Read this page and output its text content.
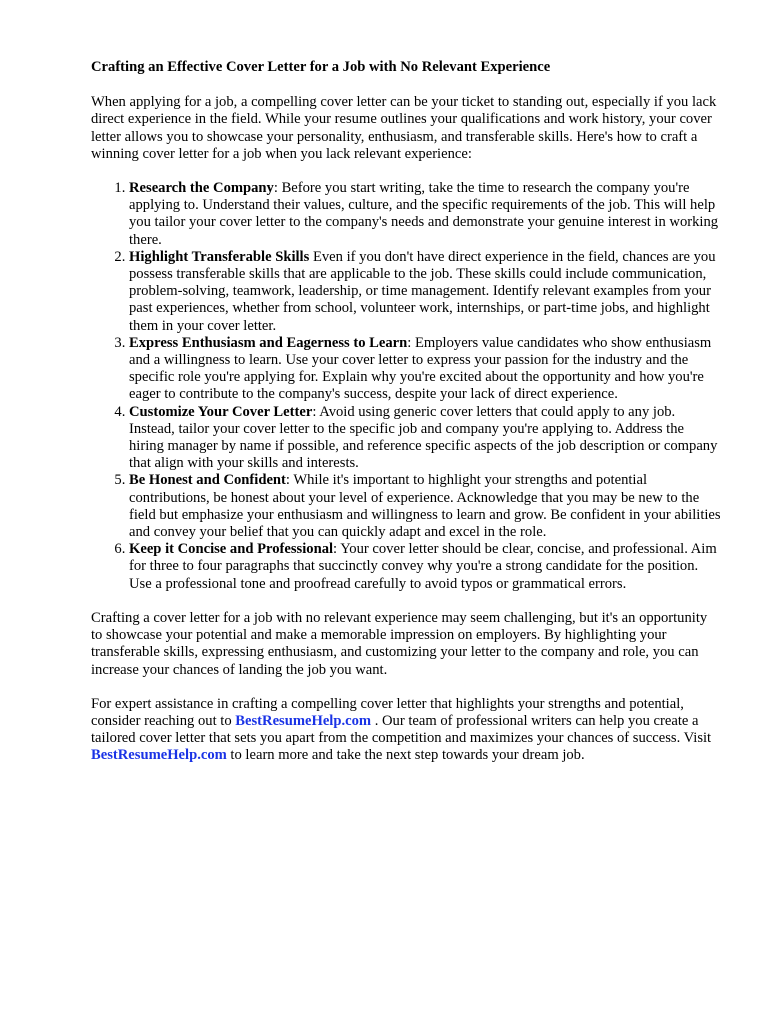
Crafting an Effective Cover Letter for a Job with No Relevant Experience

When applying for a job, a compelling cover letter can be your ticket to standing out, especially if you lack direct experience in the field. While your resume outlines your qualifications and work history, your cover letter allows you to showcase your personality, enthusiasm, and transferable skills. Here's how to craft a winning cover letter for a job when you lack relevant experience:

1. Research the Company: Before you start writing, take the time to research the company you're applying to. Understand their values, culture, and the specific requirements of the job. This will help you tailor your cover letter to the company's needs and demonstrate your genuine interest in working there.
2. Highlight Transferable Skills Even if you don't have direct experience in the field, chances are you possess transferable skills that are applicable to the job. These skills could include communication, problem-solving, teamwork, leadership, or time management. Identify relevant examples from your past experiences, whether from school, volunteer work, internships, or part-time jobs, and highlight them in your cover letter.
3. Express Enthusiasm and Eagerness to Learn: Employers value candidates who show enthusiasm and a willingness to learn. Use your cover letter to express your passion for the industry and the specific role you're applying for. Explain why you're excited about the opportunity and how you're eager to contribute to the company's success, despite your lack of direct experience.
4. Customize Your Cover Letter: Avoid using generic cover letters that could apply to any job. Instead, tailor your cover letter to the specific job and company you're applying to. Address the hiring manager by name if possible, and reference specific aspects of the job description or company that align with your skills and interests.
5. Be Honest and Confident: While it's important to highlight your strengths and potential contributions, be honest about your level of experience. Acknowledge that you may be new to the field but emphasize your enthusiasm and willingness to learn and grow. Be confident in your abilities and convey your belief that you can quickly adapt and excel in the role.
6. Keep it Concise and Professional: Your cover letter should be clear, concise, and professional. Aim for three to four paragraphs that succinctly convey why you're a strong candidate for the position. Use a professional tone and proofread carefully to avoid typos or grammatical errors.

Crafting a cover letter for a job with no relevant experience may seem challenging, but it's an opportunity to showcase your potential and make a memorable impression on employers. By highlighting your transferable skills, expressing enthusiasm, and customizing your letter to the company and role, you can increase your chances of landing the job you want.

For expert assistance in crafting a compelling cover letter that highlights your strengths and potential, consider reaching out to BestResumeHelp.com . Our team of professional writers can help you create a tailored cover letter that sets you apart from the competition and maximizes your chances of success. Visit BestResumeHelp.com to learn more and take the next step towards your dream job.
